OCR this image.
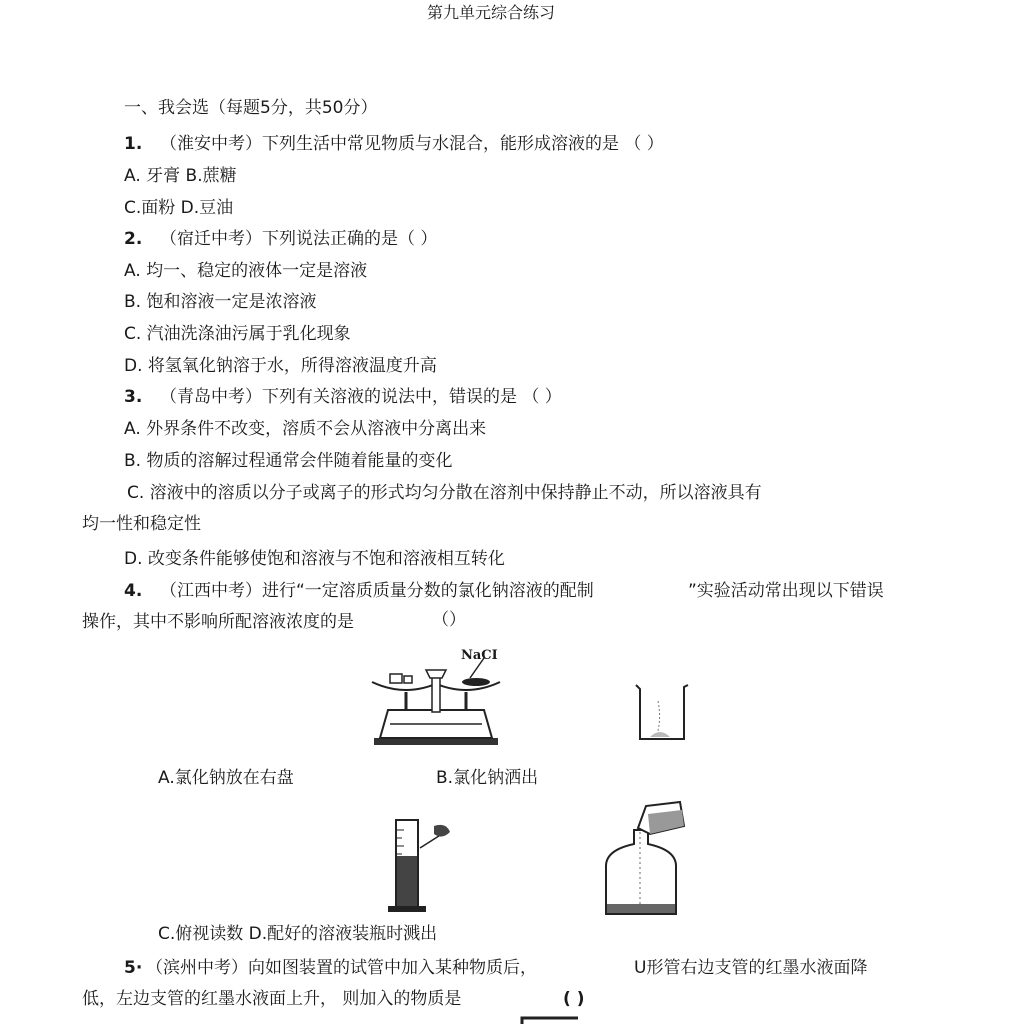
第九单元综合练习
一、我会选（每题5分，共50分）
1. （淮安中考）下列生活中常见物质与水混合，能形成溶液的是 （ ）
A. 牙膏 B.蔗糖
C.面粉 D.豆油
2. （宿迁中考）下列说法正确的是（ ）
A. 均一、稳定的液体一定是溶液
B. 饱和溶液一定是浓溶液
C. 汽油洗涤油污属于乳化现象
D. 将氢氧化钠溶于水，所得溶液温度升高
3. （青岛中考）下列有关溶液的说法中，错误的是 （ ）
A. 外界条件不改变，溶质不会从溶液中分离出来
B. 物质的溶解过程通常会伴随着能量的变化
C. 溶液中的溶质以分子或离子的形式均匀分散在溶剂中保持静止不动，所以溶液具有
均一性和稳定性
D. 改变条件能够使饱和溶液与不饱和溶液相互转化
4. （江西中考）进行“一定溶质质量分数的氯化钠溶液的配制	”实验活动常出现以下错误
操作，其中不影响所配溶液浓度的是	（）
NaCI
A.氯化钠放在右盘	B.氯化钠洒出
C.俯视读数 D.配好的溶液装瓶时溅出
5· （滨州中考）向如图装置的试管中加入某种物质后，	U形管右边支管的红墨水液面降
低，左边支管的红墨水液面上升， 则加入的物质是	( )
